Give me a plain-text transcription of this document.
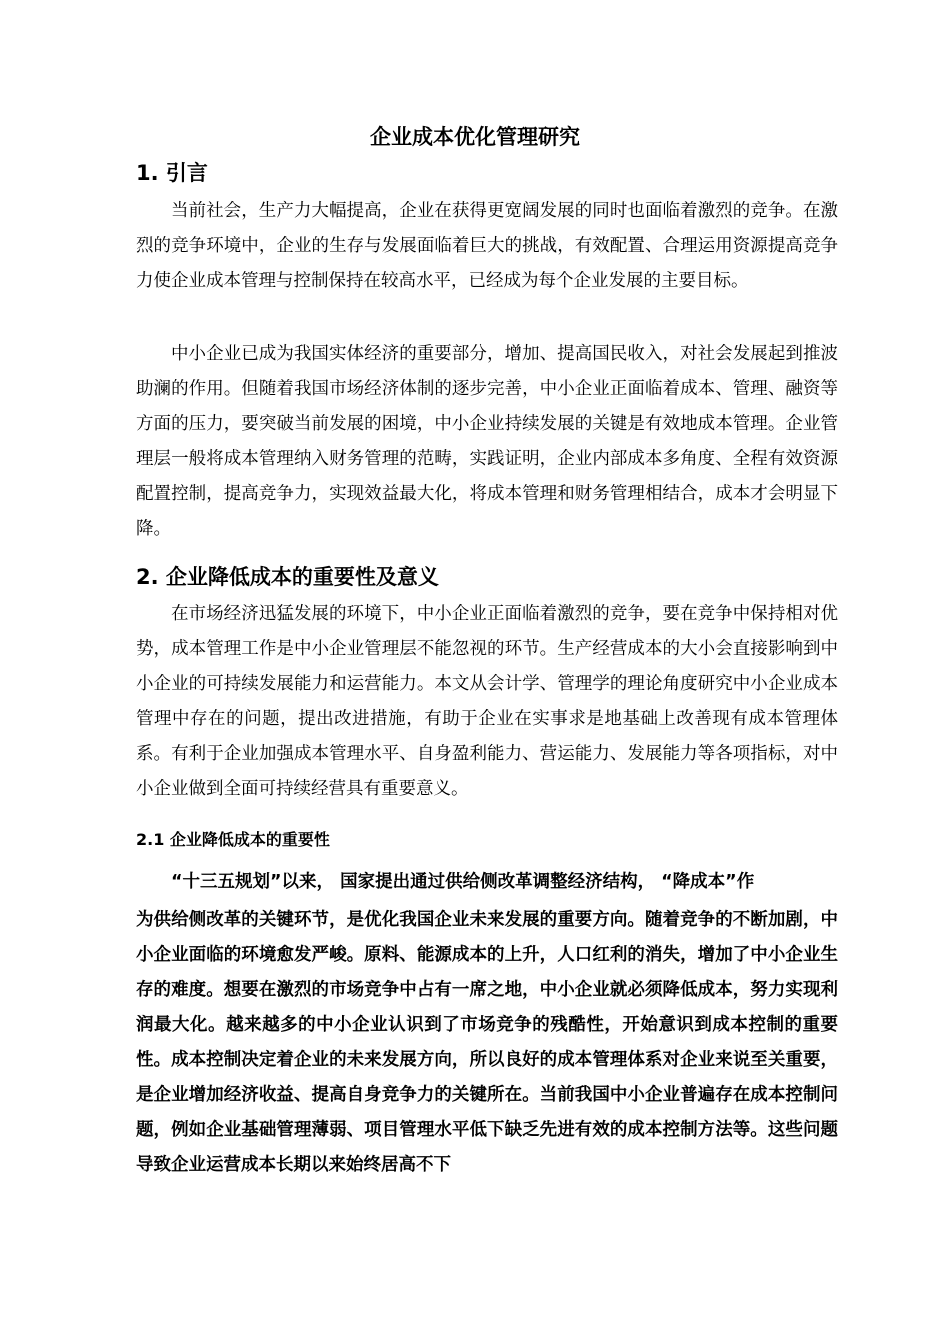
企业成本优化管理研究
1. 引言

当前社会，生产力大幅提高，企业在获得更宽阔发展的同时也面临着激烈的竞争。在激烈的竞争环境中，企业的生存与发展面临着巨大的挑战，有效配置、合理运用资源提高竞争力使企业成本管理与控制保持在较高水平，已经成为每个企业发展的主要目标。

中小企业已成为我国实体经济的重要部分，增加、提高国民收入，对社会发展起到推波助澜的作用。但随着我国市场经济体制的逐步完善，中小企业正面临着成本、管理、融资等方面的压力，要突破当前发展的困境，中小企业持续发展的关键是有效地成本管理。企业管理层一般将成本管理纳入财务管理的范畴，实践证明，企业内部成本多角度、全程有效资源配置控制，提高竞争力，实现效益最大化，将成本管理和财务管理相结合，成本才会明显下降。

2. 企业降低成本的重要性及意义

在市场经济迅猛发展的环境下，中小企业正面临着激烈的竞争，要在竞争中保持相对优势，成本管理工作是中小企业管理层不能忽视的环节。生产经营成本的大小会直接影响到中小企业的可持续发展能力和运营能力。本文从会计学、管理学的理论角度研究中小企业成本管理中存在的问题，提出改进措施，有助于企业在实事求是地基础上改善现有成本管理体系。有利于企业加强成本管理水平、自身盈利能力、营运能力、发展能力等各项指标，对中小企业做到全面可持续经营具有重要意义。

2.1 企业降低成本的重要性
“十三五规划”以来， 国家提出通过供给侧改革调整经济结构， “降成本”作

为供给侧改革的关键环节，是优化我国企业未来发展的重要方向。随着竞争的不断加剧，中小企业面临的环境愈发严峻。原料、能源成本的上升，人口红利的消失，增加了中小企业生存的难度。想要在激烈的市场竞争中占有一席之地，中小企业就必须降低成本，努力实现利润最大化。越来越多的中小企业认识到了市场竞争的残酷性，开始意识到成本控制的重要性。成本控制决定着企业的未来发展方向，所以良好的成本管理体系对企业来说至关重要，是企业增加经济收益、提高自身竞争力的关键所在。当前我国中小企业普遍存在成本控制问题，例如企业基础管理薄弱、项目管理水平低下缺乏先进有效的成本控制方法等。这些问题导致企业运营成本长期以来始终居高不下
